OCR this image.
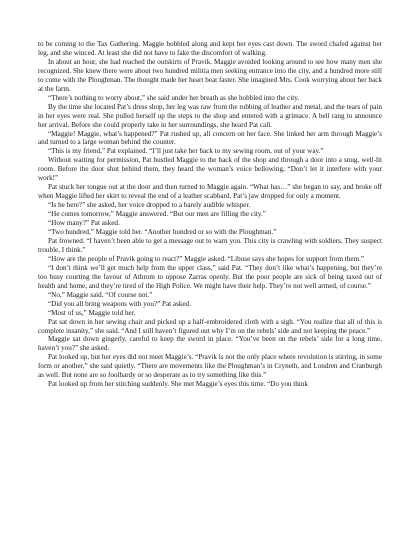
to be coming to the Tax Gathering. Maggie hobbled along and kept her eyes cast down. The sword chafed against her leg, and she winced. At least she did not have to fake the discomfort of walking.

In about an hour, she had reached the outskirts of Pravik. Maggie avoided looking around to see how many men she recognized. She knew there were about two hundred militia men seeking entrance into the city, and a hundred more still to come with the Ploughman. The thought made her heart beat faster. She imagined Mrs. Cook worrying about her back at the farm.

“There’s nothing to worry about,” she said under her breath as she hobbled into the city.

By the time she located Pat’s dress shop, her leg was raw from the rubbing of leather and metal, and the tears of pain in her eyes were real. She pulled herself up the steps to the shop and entered with a grimace. A bell rang to announce her arrival. Before she could properly take in her surroundings, she heard Pat call.

“Maggie! Maggie, what’s happened?” Pat rushed up, all concern on her face. She linked her arm through Maggie’s and turned to a large woman behind the counter.

“This is my friend,” Pat explained. “I’ll just take her back to my sewing room, out of your way.”

Without waiting for permission, Pat hustled Maggie to the back of the shop and through a door into a snug, well-lit room. Before the door shut behind them, they heard the woman’s voice bellowing, “Don’t let it interfere with your work!”

Pat stuck her tongue out at the door and then turned to Maggie again. “What has…” she began to say, and broke off when Maggie lifted her skirt to reveal the end of a leather scabbard. Pat’s jaw dropped for only a moment.

“Is he here?” she asked, her voice dropped to a barely audible whisper.

“He comes tomorrow,” Maggie answered. “But our men are filling the city.”

“How many?” Pat asked.

“Two hundred,” Maggie told her. “Another hundred or so with the Ploughman.”

Pat frowned. “I haven’t been able to get a message out to warn you. This city is crawling with soldiers. They suspect trouble, I think.”

“How are the people of Pravik going to react?” Maggie asked. “Libuse says she hopes for support from them.”

“I don’t think we’ll get much help from the upper class,” said Pat. “They don’t like what’s happening, but they’re too busy courting the favour of Athrom to oppose Zarras openly. But the poor people are sick of being taxed out of health and home, and they’re tired of the High Police. We might have their help. They’re not well armed, of course.”

“No,” Maggie said. “Of course not.”

“Did you all bring weapons with you?” Pat asked.

“Most of us,” Maggie told her.

Pat sat down in her sewing chair and picked up a half-embroidered cloth with a sigh. “You realize that all of this is complete insanity,” she said. “And I still haven’t figured out why I’m on the rebels’ side and not keeping the peace.”

Maggie sat down gingerly, careful to keep the sword in place. “You’ve been on the rebels’ side for a long time, haven’t you?” she asked.

Pat looked up, but her eyes did not meet Maggie’s. “Pravik is not the only place where revolution is stirring, in some form or another,” she said quietly. “There are movements like the Ploughman’s in Cryneth, and Londren and Cranburgh as well. But none are so foolhardy or so desperate as to try something like this.”

Pat looked up from her stitching suddenly. She met Maggie’s eyes this time. “Do you think
